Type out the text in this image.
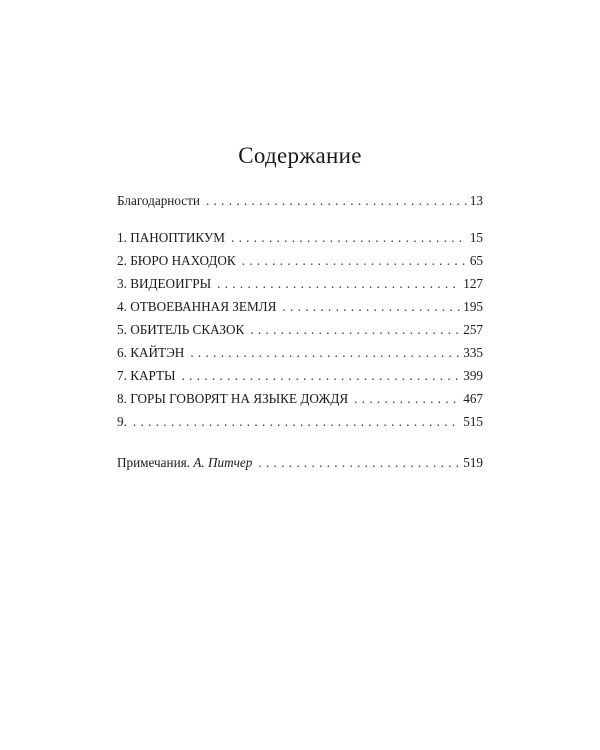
Содержание
Благодарности . . .	13
1. ПАНОПТИКУМ . . .	15
2. БЮРО НАХОДОК . . .	65
3. ВИДЕОИГРЫ . . .	127
4. ОТВОЕВАННАЯ ЗЕМЛЯ . . .	195
5. ОБИТЕЛЬ СКАЗОК . . .	257
6. КАЙТЭН . . .	335
7. КАРТЫ . . .	399
8. ГОРЫ ГОВОРЯТ НА ЯЗЫКЕ ДОЖДЯ . . .	467
9. . . .	515
Примечания. А. Питчер . . .	519
